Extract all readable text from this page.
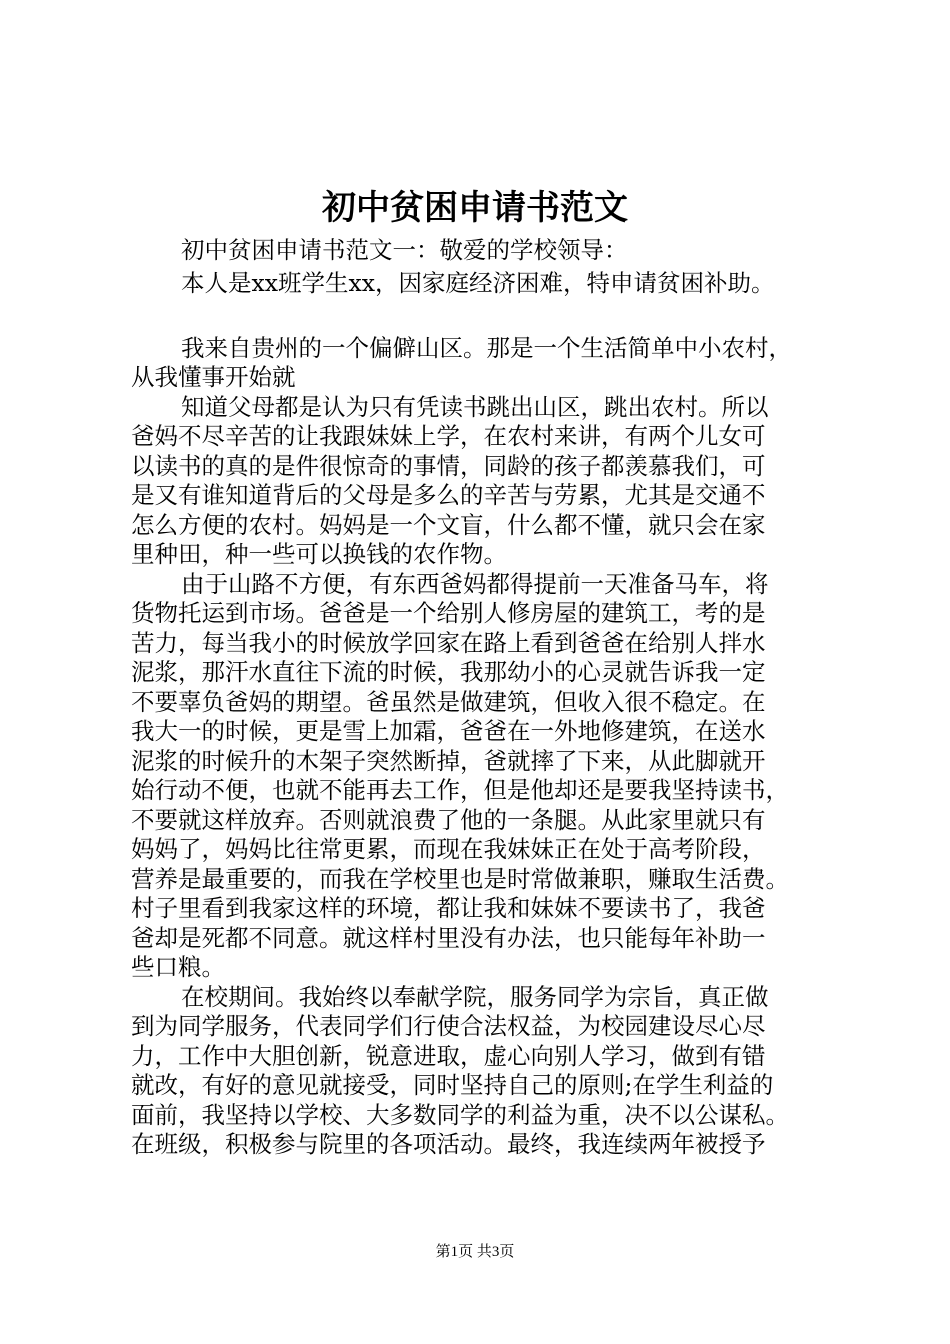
初中贫困申请书范文
初中贫困申请书范文一：敬爱的学校领导：
本人是xx班学生xx，因家庭经济困难，特申请贫困补助。
我来自贵州的一个偏僻山区。那是一个生活简单中小农村，
从我懂事开始就
知道父母都是认为只有凭读书跳出山区，跳出农村。所以
爸妈不尽辛苦的让我跟妹妹上学，在农村来讲，有两个儿女可
以读书的真的是件很惊奇的事情，同龄的孩子都羡慕我们，可
是又有谁知道背后的父母是多么的辛苦与劳累，尤其是交通不
怎么方便的农村。妈妈是一个文盲，什么都不懂，就只会在家
里种田，种一些可以换钱的农作物。
由于山路不方便，有东西爸妈都得提前一天准备马车，将
货物托运到市场。爸爸是一个给别人修房屋的建筑工，考的是
苦力，每当我小的时候放学回家在路上看到爸爸在给别人拌水
泥浆，那汗水直往下流的时候，我那幼小的心灵就告诉我一定
不要辜负爸妈的期望。爸虽然是做建筑，但收入很不稳定。在
我大一的时候，更是雪上加霜，爸爸在一外地修建筑，在送水
泥浆的时候升的木架子突然断掉，爸就摔了下来，从此脚就开
始行动不便，也就不能再去工作，但是他却还是要我坚持读书，
不要就这样放弃。否则就浪费了他的一条腿。从此家里就只有
妈妈了，妈妈比往常更累，而现在我妹妹正在处于高考阶段，
营养是最重要的，而我在学校里也是时常做兼职，赚取生活费。
村子里看到我家这样的环境，都让我和妹妹不要读书了，我爸
爸却是死都不同意。就这样村里没有办法，也只能每年补助一
些口粮。
在校期间。我始终以奉献学院，服务同学为宗旨，真正做
到为同学服务，代表同学们行使合法权益，为校园建设尽心尽
力，工作中大胆创新，锐意进取，虚心向别人学习，做到有错
就改，有好的意见就接受，同时坚持自己的原则;在学生利益的
面前，我坚持以学校、大多数同学的利益为重，决不以公谋私。
在班级，积极参与院里的各项活动。最终，我连续两年被授予
第1页 共3页
